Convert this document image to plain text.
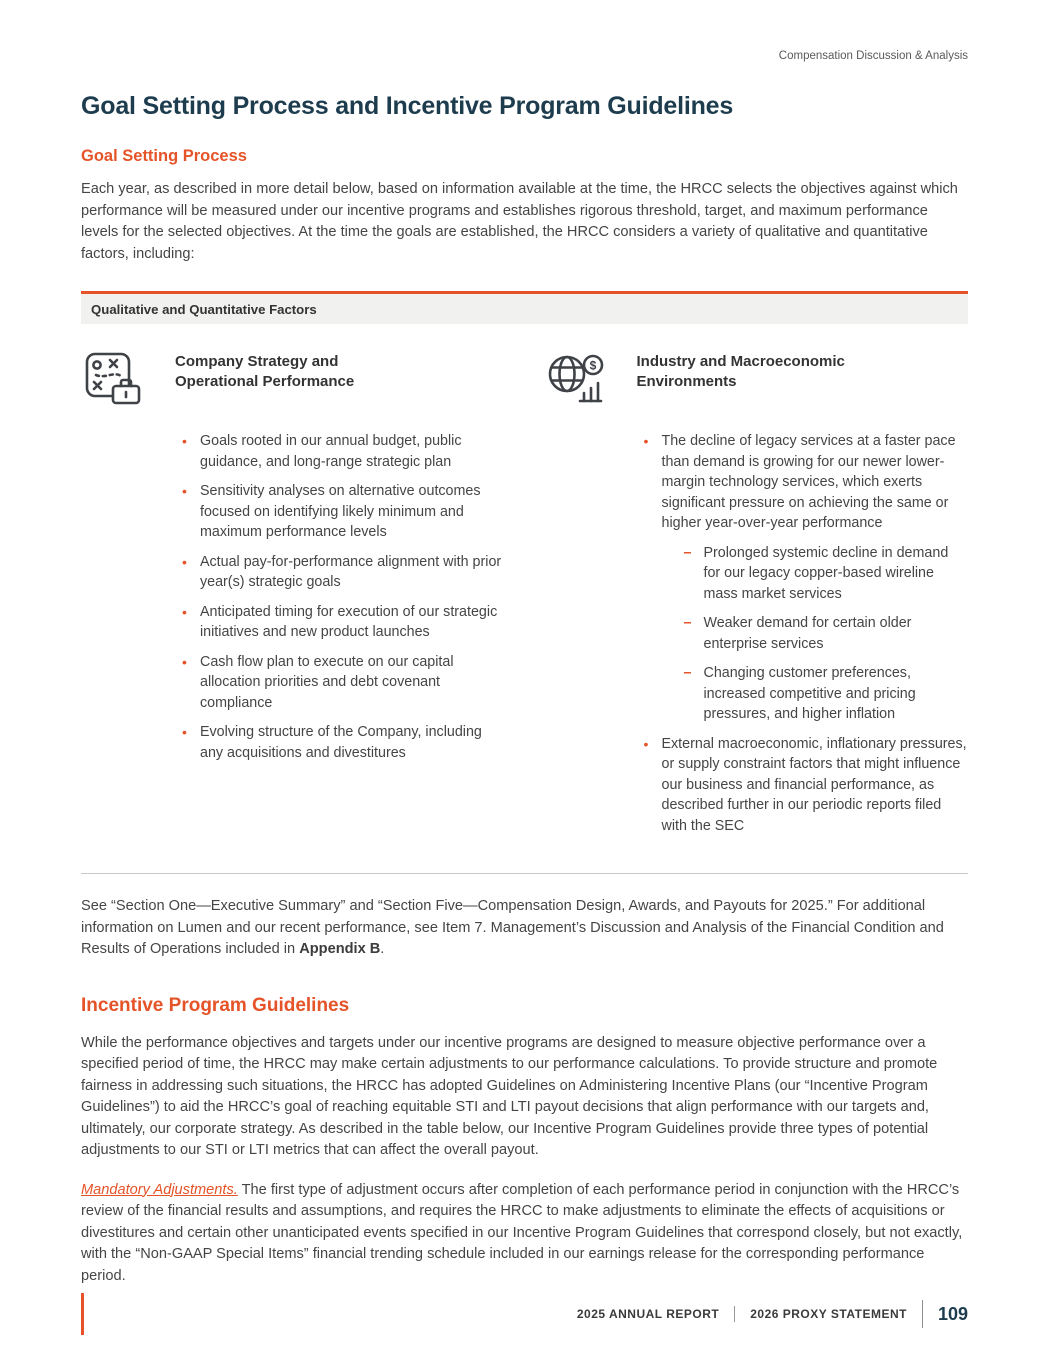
Compensation Discussion & Analysis
Goal Setting Process and Incentive Program Guidelines
Goal Setting Process

Each year, as described in more detail below, based on information available at the time, the HRCC selects the objectives against which performance will be measured under our incentive programs and establishes rigorous threshold, target, and maximum performance levels for the selected objectives. At the time the goals are established, the HRCC considers a variety of qualitative and quantitative factors, including:

Qualitative and Quantitative Factors
Company Strategy and Operational Performance
• Goals rooted in our annual budget, public guidance, and long-range strategic plan
• Sensitivity analyses on alternative outcomes focused on identifying likely minimum and maximum performance levels
• Actual pay-for-performance alignment with prior year(s) strategic goals
• Anticipated timing for execution of our strategic initiatives and new product launches
• Cash flow plan to execute on our capital allocation priorities and debt covenant compliance
• Evolving structure of the Company, including any acquisitions and divestitures
$	Industry and Macroeconomic Environments
• The decline of legacy services at a faster pace than demand is growing for our newer lower-margin technology services, which exerts significant pressure on achieving the same or higher year-over-year performance
– Prolonged systemic decline in demand for our legacy copper-based wireline mass market services
– Weaker demand for certain older enterprise services
– Changing customer preferences, increased competitive and pricing pressures, and higher inflation
• External macroeconomic, inflationary pressures, or supply constraint factors that might influence our business and financial performance, as described further in our periodic reports filed with the SEC

See “Section One—Executive Summary” and “Section Five—Compensation Design, Awards, and Payouts for 2025.” For additional information on Lumen and our recent performance, see Item 7. Management’s Discussion and Analysis of the Financial Condition and Results of Operations included in Appendix B.

Incentive Program Guidelines

While the performance objectives and targets under our incentive programs are designed to measure objective performance over a specified period of time, the HRCC may make certain adjustments to our performance calculations. To provide structure and promote fairness in addressing such situations, the HRCC has adopted Guidelines on Administering Incentive Plans (our “Incentive Program Guidelines”) to aid the HRCC’s goal of reaching equitable STI and LTI payout decisions that align performance with our targets and, ultimately, our corporate strategy. As described in the table below, our Incentive Program Guidelines provide three types of potential adjustments to our STI or LTI metrics that can affect the overall payout.

Mandatory Adjustments. The first type of adjustment occurs after completion of each performance period in conjunction with the HRCC’s review of the financial results and assumptions, and requires the HRCC to make adjustments to eliminate the effects of acquisitions or divestitures and certain other unanticipated events specified in our Incentive Program Guidelines that correspond closely, but not exactly, with the “Non-GAAP Special Items” financial trending schedule included in our earnings release for the corresponding performance period.

2025 ANNUAL REPORT	2026 PROXY STATEMENT 109
